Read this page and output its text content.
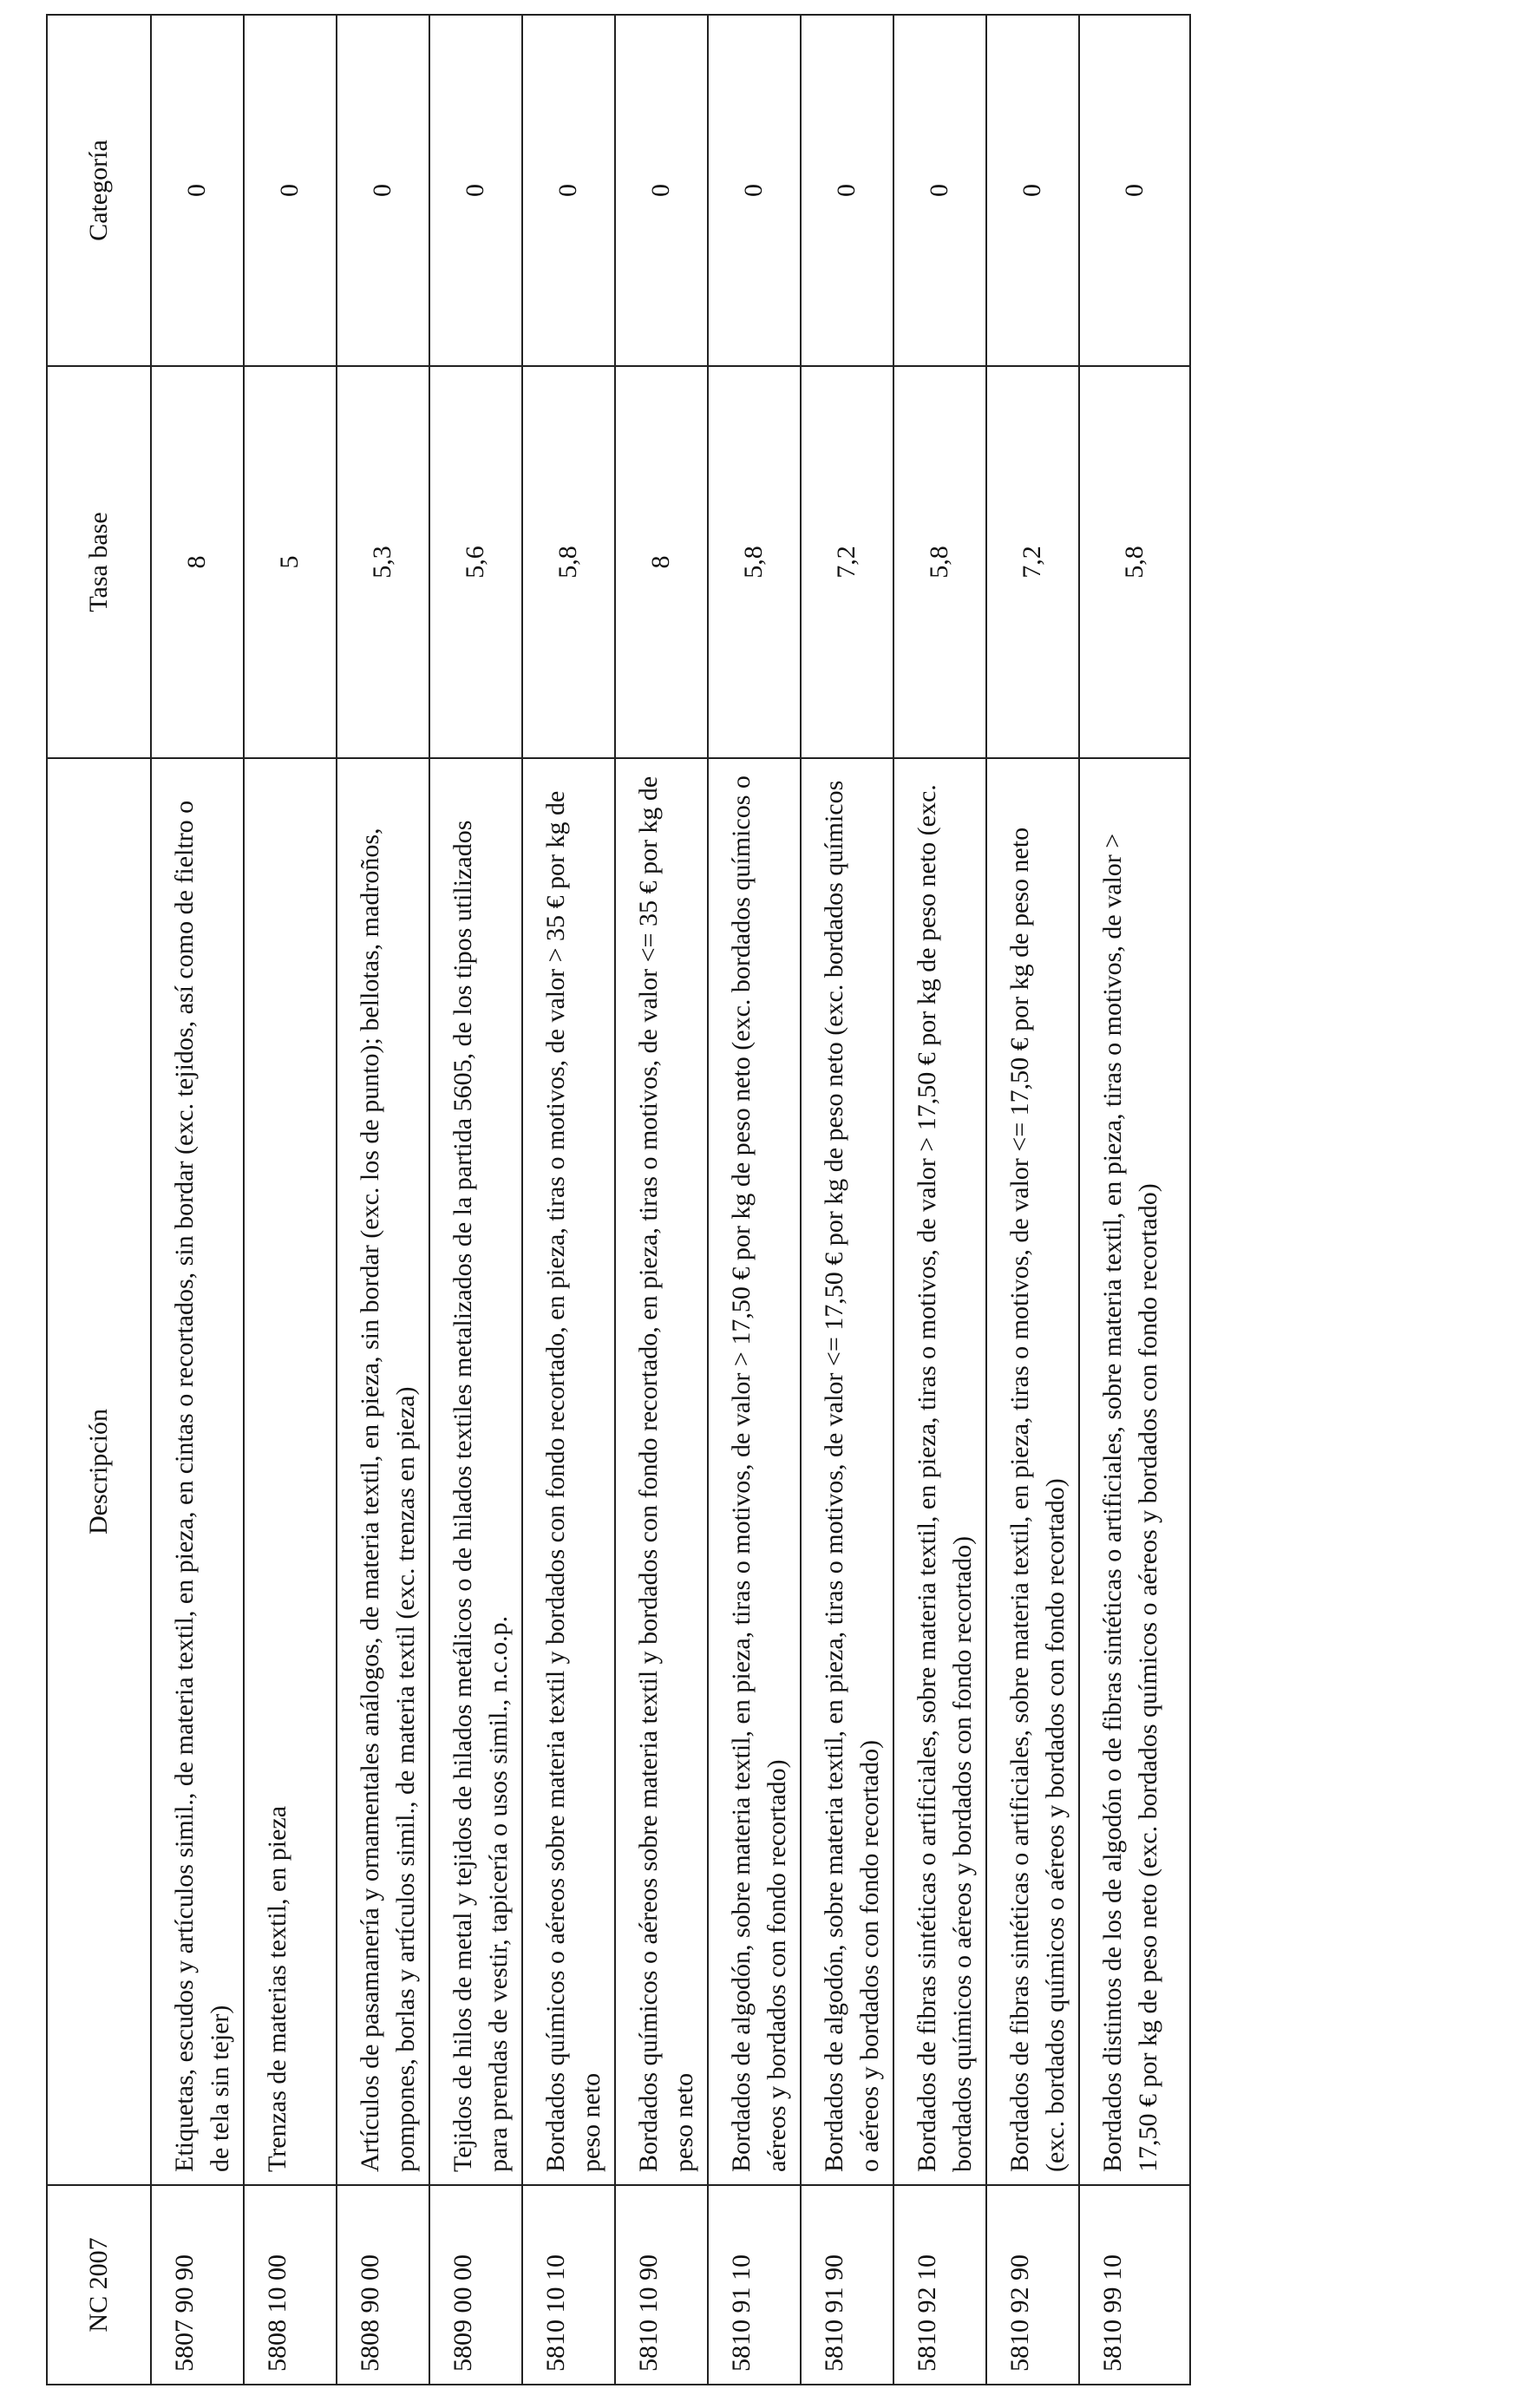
NC 2007	Descripción	Tasa base	Categoría
5807 90 90	Etiquetas, escudos y artículos simil., de materia textil, en pieza, en cintas o recortados, sin bordar (exc. tejidos, así como de fieltro o de tela sin tejer)	8	0
5808 10 00	Trenzas de materias textil, en pieza	5	0
5808 90 00	Artículos de pasamanería y ornamentales análogos, de materia textil, en pieza, sin bordar (exc. los de punto); bellotas, madroños, pompones, borlas y artículos simil., de materia textil (exc. trenzas en pieza)	5,3	0
5809 00 00	Tejidos de hilos de metal y tejidos de hilados metálicos o de hilados textiles metalizados de la partida 5605, de los tipos utilizados para prendas de vestir, tapicería o usos simil., n.c.o.p.	5,6	0
5810 10 10	Bordados químicos o aéreos sobre materia textil y bordados con fondo recortado, en pieza, tiras o motivos, de valor > 35 € por kg de peso neto	5,8	0
5810 10 90	Bordados químicos o aéreos sobre materia textil y bordados con fondo recortado, en pieza, tiras o motivos, de valor <= 35 € por kg de peso neto	8	0
5810 91 10	Bordados de algodón, sobre materia textil, en pieza, tiras o motivos, de valor > 17,50 € por kg de peso neto (exc. bordados químicos o aéreos y bordados con fondo recortado)	5,8	0
5810 91 90	Bordados de algodón, sobre materia textil, en pieza, tiras o motivos, de valor <= 17,50 € por kg de peso neto (exc. bordados químicos o aéreos y bordados con fondo recortado)	7,2	0
5810 92 10	Bordados de fibras sintéticas o artificiales, sobre materia textil, en pieza, tiras o motivos, de valor > 17,50 € por kg de peso neto (exc. bordados químicos o aéreos y bordados con fondo recortado)	5,8	0
5810 92 90	Bordados de fibras sintéticas o artificiales, sobre materia textil, en pieza, tiras o motivos, de valor <= 17,50 € por kg de peso neto (exc. bordados químicos o aéreos y bordados con fondo recortado)	7,2	0
5810 99 10	Bordados distintos de los de algodón o de fibras sintéticas o artificiales, sobre materia textil, en pieza, tiras o motivos, de valor > 17,50 € por kg de peso neto (exc. bordados químicos o aéreos y bordados con fondo recortado)	5,8	0
